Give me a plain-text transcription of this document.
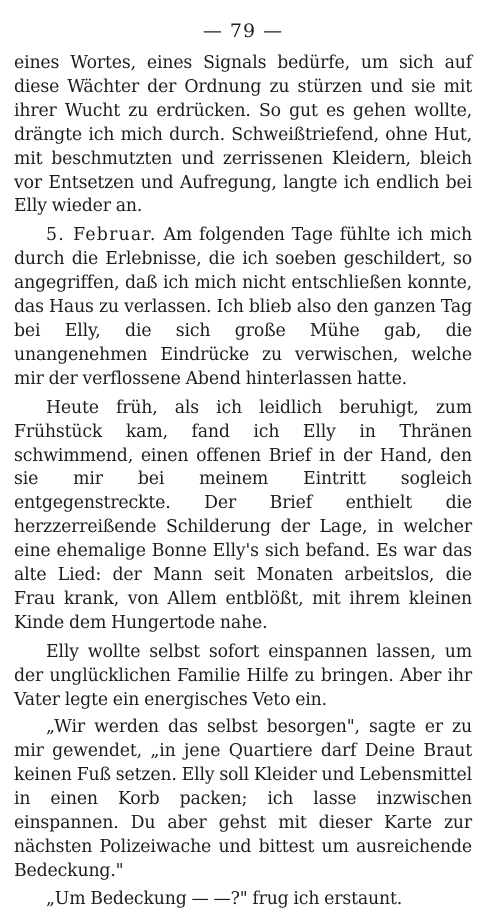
— 79 —

eines Wortes, eines Signals bedürfe, um sich auf diese Wächter der Ordnung zu stürzen und sie mit ihrer Wucht zu erdrücken. So gut es gehen wollte, drängte ich mich durch. Schweißtriefend, ohne Hut, mit beschmutzten und zerrissenen Kleidern, bleich vor Entsetzen und Aufregung, langte ich endlich bei Elly wieder an.

5. Februar. Am folgenden Tage fühlte ich mich durch die Erlebnisse, die ich soeben geschildert, so angegriffen, daß ich mich nicht entschließen konnte, das Haus zu verlassen. Ich blieb also den ganzen Tag bei Elly, die sich große Mühe gab, die unangenehmen Eindrücke zu verwischen, welche mir der verflossene Abend hinterlassen hatte.

Heute früh, als ich leidlich beruhigt, zum Frühstück kam, fand ich Elly in Thränen schwimmend, einen offenen Brief in der Hand, den sie mir bei meinem Eintritt sogleich entgegenstreckte. Der Brief enthielt die herzzerreißende Schilderung der Lage, in welcher eine ehemalige Bonne Elly's sich befand. Es war das alte Lied: der Mann seit Monaten arbeitslos, die Frau krank, von Allem entblößt, mit ihrem kleinen Kinde dem Hungertode nahe.

Elly wollte selbst sofort einspannen lassen, um der unglücklichen Familie Hilfe zu bringen. Aber ihr Vater legte ein energisches Veto ein.

„Wir werden das selbst besorgen", sagte er zu mir gewendet, „in jene Quartiere darf Deine Braut keinen Fuß setzen. Elly soll Kleider und Lebensmittel in einen Korb packen; ich lasse inzwischen einspannen. Du aber gehst mit dieser Karte zur nächsten Polizeiwache und bittest um ausreichende Bedeckung."

„Um Bedeckung — —?" frug ich erstaunt.
